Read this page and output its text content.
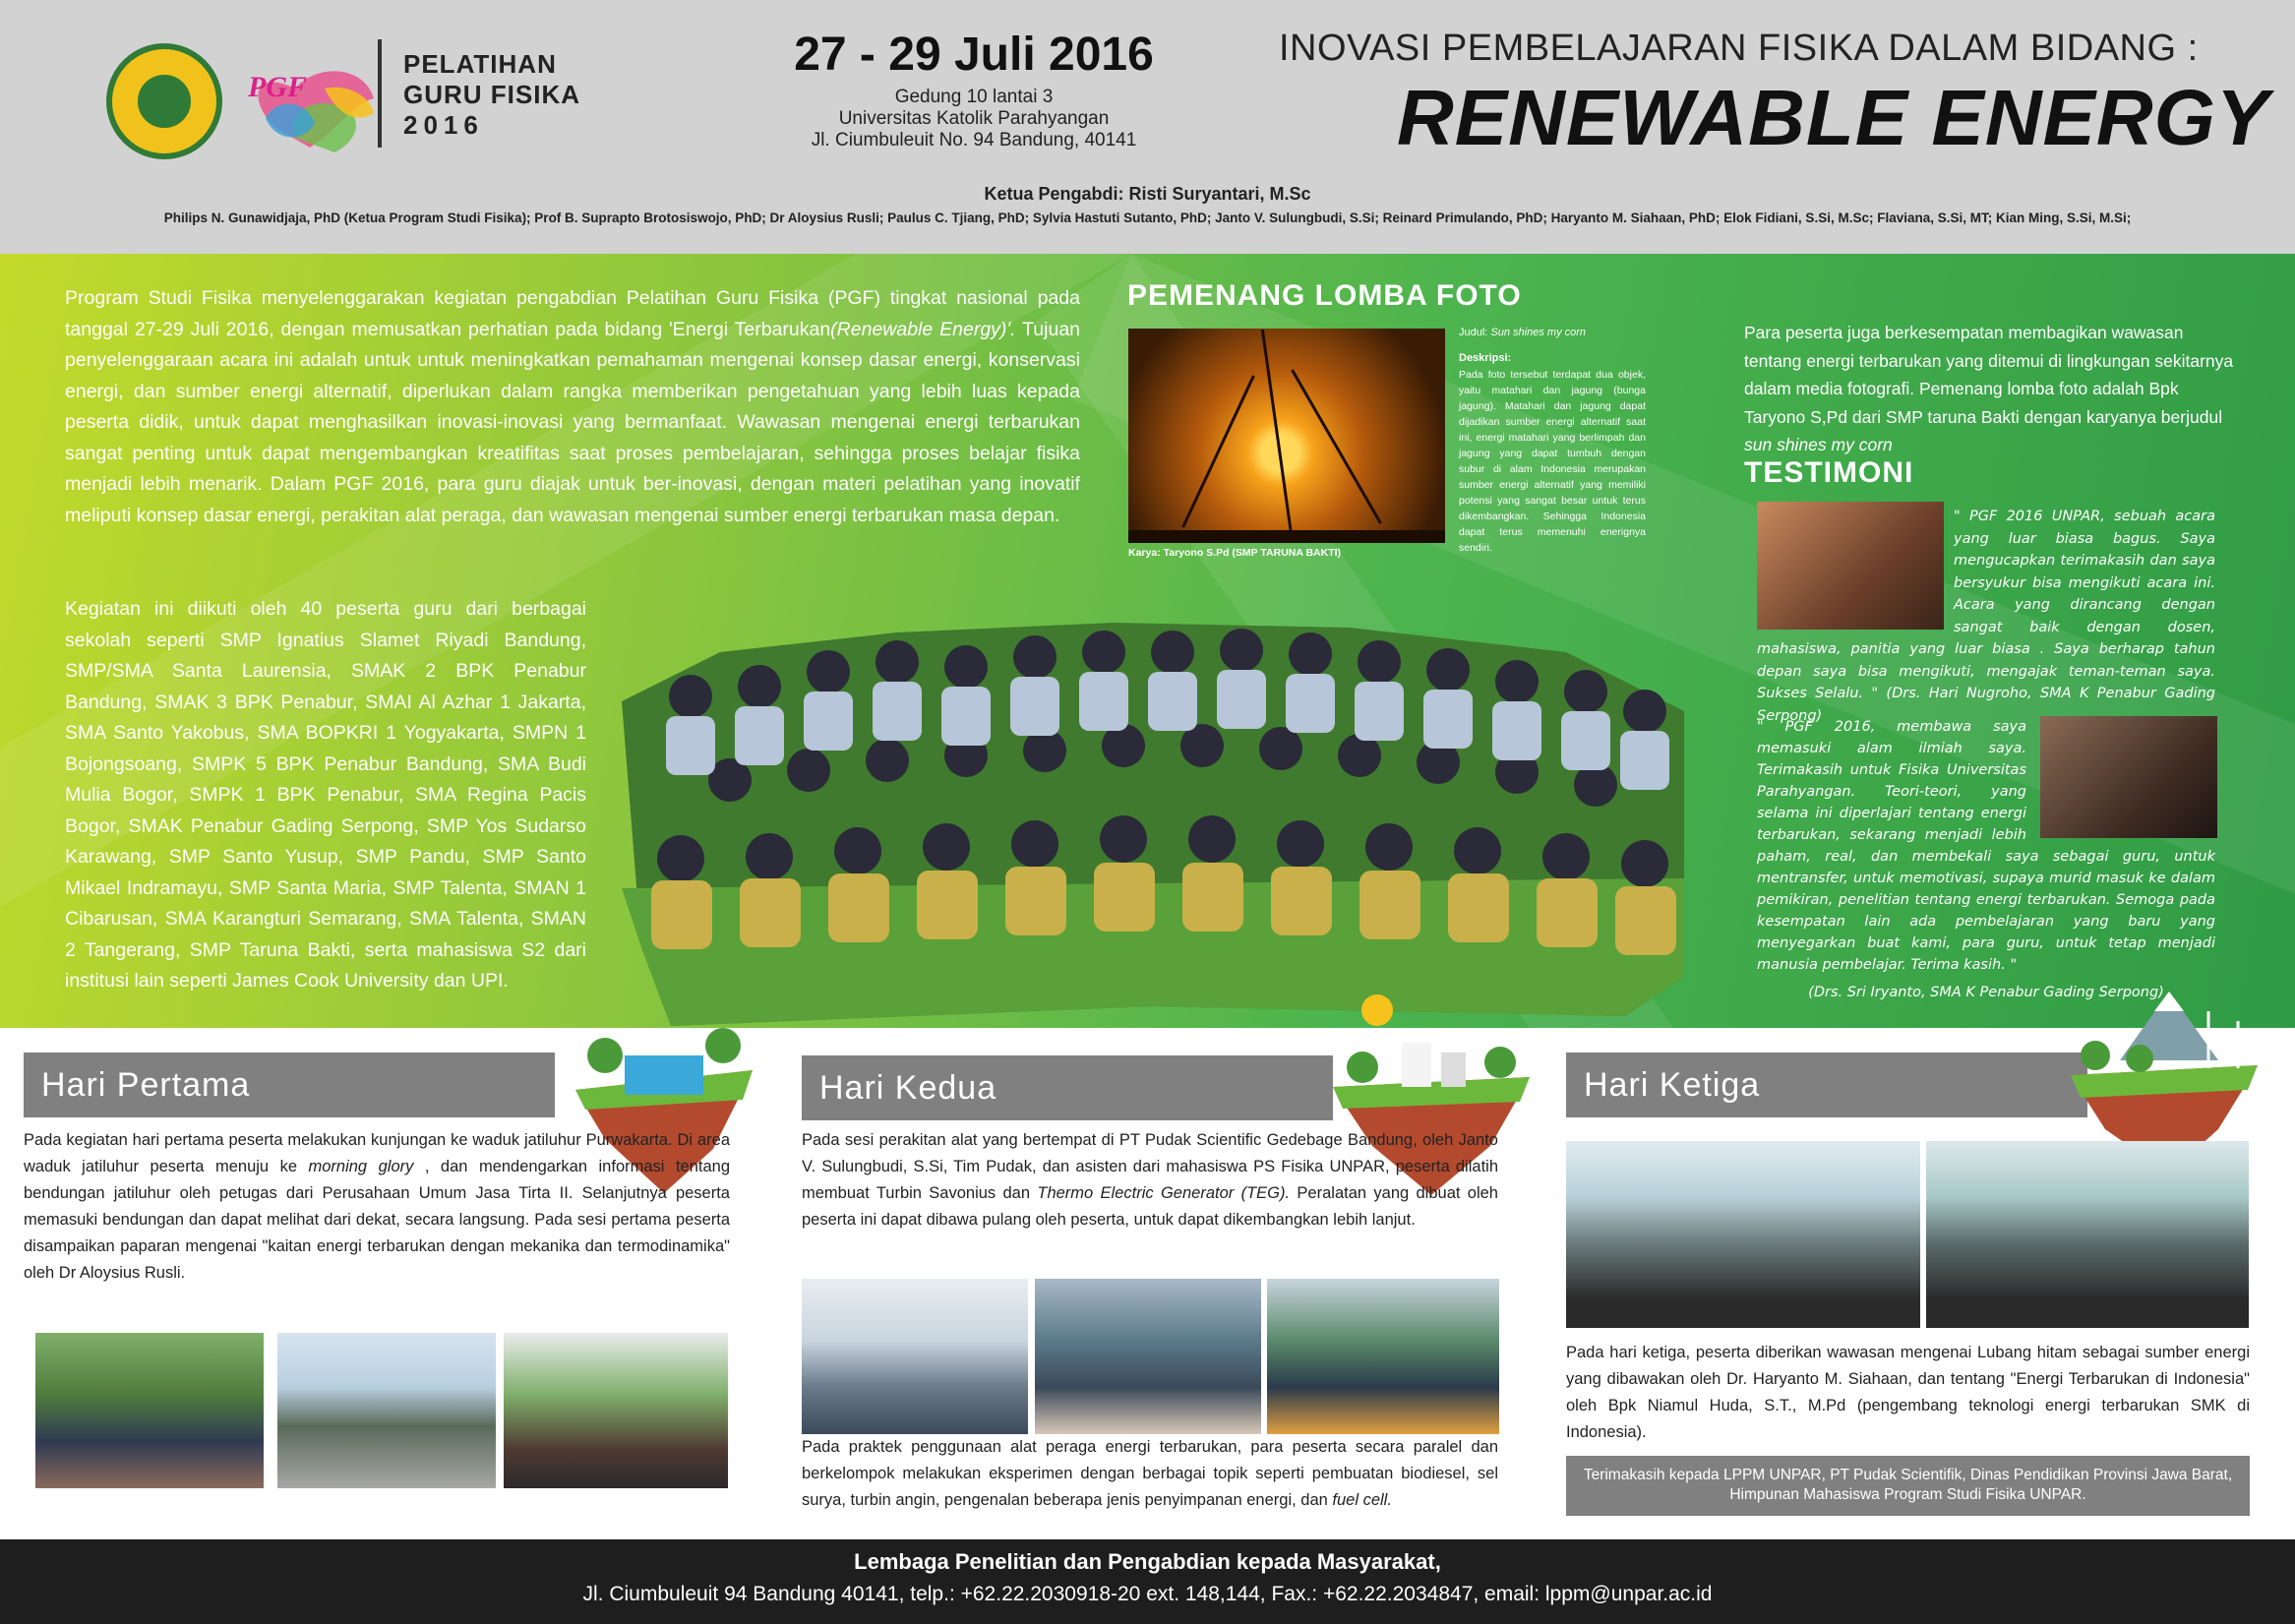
PGF
PELATIHAN
GURU FISIKA
2016
27 - 29 Juli 2016
Gedung 10 lantai 3
Universitas Katolik Parahyangan
Jl. Ciumbuleuit No. 94 Bandung, 40141
INOVASI PEMBELAJARAN FISIKA DALAM BIDANG :
RENEWABLE ENERGY
Ketua Pengabdi: Risti Suryantari, M.Sc
Philips N. Gunawidjaja, PhD (Ketua Program Studi Fisika); Prof B. Suprapto Brotosiswojo, PhD; Dr Aloysius Rusli; Paulus C. Tjiang, PhD; Sylvia Hastuti Sutanto, PhD; Janto V. Sulungbudi, S.Si; Reinard Primulando, PhD; Haryanto M. Siahaan, PhD; Elok Fidiani, S.Si, M.Sc; Flaviana, S.Si, MT; Kian Ming, S.Si, M.Si;

Program Studi Fisika menyelenggarakan kegiatan pengabdian Pelatihan Guru Fisika (PGF) tingkat nasional pada tanggal 27-29 Juli 2016, dengan memusatkan perhatian pada bidang 'Energi Terbarukan(Renewable Energy)'. Tujuan penyelenggaraan acara ini adalah untuk untuk meningkatkan pemahaman mengenai konsep dasar energi, konservasi energi, dan sumber energi alternatif, diperlukan dalam rangka memberikan pengetahuan yang lebih luas kepada peserta didik, untuk dapat menghasilkan inovasi-inovasi yang bermanfaat. Wawasan mengenai energi terbarukan sangat penting untuk dapat mengembangkan kreatifitas saat proses pembelajaran, sehingga proses belajar fisika menjadi lebih menarik. Dalam PGF 2016, para guru diajak untuk ber-inovasi, dengan materi pelatihan yang inovatif meliputi konsep dasar energi, perakitan alat peraga, dan wawasan mengenai sumber energi terbarukan masa depan.

Kegiatan ini diikuti oleh 40 peserta guru dari berbagai sekolah seperti SMP Ignatius Slamet Riyadi Bandung, SMP/SMA Santa Laurensia, SMAK 2 BPK Penabur Bandung, SMAK 3 BPK Penabur, SMAI Al Azhar 1 Jakarta, SMA Santo Yakobus, SMA BOPKRI 1 Yogyakarta, SMPN 1 Bojongsoang, SMPK 5 BPK Penabur Bandung, SMA Budi Mulia Bogor, SMPK 1 BPK Penabur, SMA Regina Pacis Bogor, SMAK Penabur Gading Serpong, SMP Yos Sudarso Karawang, SMP Santo Yusup, SMP Pandu, SMP Santo Mikael Indramayu, SMP Santa Maria, SMP Talenta, SMAN 1 Cibarusan, SMA Karangturi Semarang, SMA Talenta, SMAN 2 Tangerang, SMP Taruna Bakti, serta mahasiswa S2 dari institusi lain seperti James Cook University dan UPI.

PEMENANG LOMBA FOTO
Karya: Taryono S.Pd (SMP TARUNA BAKTI)
Judul: Sun shines my corn
Deskripsi:
Pada foto tersebut terdapat dua objek, yaitu matahari dan jagung (bunga jagung). Matahari dan jagung dapat dijadikan sumber energi alternatif saat ini, energi matahari yang berlimpah dan jagung yang dapat tumbuh dengan subur di alam Indonesia merupakan sumber energi alternatif yang memiliki potensi yang sangat besar untuk terus dikembangkan. Sehingga Indonesia dapat terus memenuhi enerignya sendiri.

Para peserta juga berkesempatan membagikan wawasan tentang energi terbarukan yang ditemui di lingkungan sekitarnya dalam media fotografi. Pemenang lomba foto adalah Bpk Taryono S,Pd dari SMP taruna Bakti dengan karyanya berjudul sun shines my corn

TESTIMONI
" PGF 2016 UNPAR, sebuah acara yang luar biasa bagus. Saya mengucapkan terimakasih dan saya bersyukur bisa mengikuti acara ini. Acara yang dirancang dengan sangat baik dengan dosen, mahasiswa, panitia yang luar biasa . Saya berharap tahun depan saya bisa mengikuti, mengajak teman-teman saya. Sukses Selalu. " (Drs. Hari Nugroho, SMA K Penabur Gading Serpong)
" PGF 2016, membawa saya memasuki alam ilmiah saya. Terimakasih untuk Fisika Universitas Parahyangan. Teori-teori, yang selama ini diperlajari tentang energi terbarukan, sekarang menjadi lebih paham, real, dan membekali saya sebagai guru, untuk mentransfer, untuk memotivasi, supaya murid masuk ke dalam pemikiran, penelitian tentang energi terbarukan. Semoga pada kesempatan lain ada pembelajaran yang baru yang menyegarkan buat kami, para guru, untuk tetap menjadi manusia pembelajar. Terima kasih. "
(Drs. Sri Iryanto, SMA K Penabur Gading Serpong)
Hari Pertama

Pada kegiatan hari pertama peserta melakukan kunjungan ke waduk jatiluhur Purwakarta. Di area waduk jatiluhur peserta menuju ke morning glory , dan mendengarkan informasi tentang bendungan jatiluhur oleh petugas dari Perusahaan Umum Jasa Tirta II. Selanjutnya peserta memasuki bendungan dan dapat melihat dari dekat, secara langsung. Pada sesi pertama peserta disampaikan paparan mengenai "kaitan energi terbarukan dengan mekanika dan termodinamika" oleh Dr Aloysius Rusli.

Hari Kedua

Pada sesi perakitan alat yang bertempat di PT Pudak Scientific Gedebage Bandung, oleh Janto V. Sulungbudi, S.Si, Tim Pudak, dan asisten dari mahasiswa PS Fisika UNPAR, peserta dilatih membuat Turbin Savonius dan Thermo Electric Generator (TEG). Peralatan yang dibuat oleh peserta ini dapat dibawa pulang oleh peserta, untuk dapat dikembangkan lebih lanjut.

Pada praktek penggunaan alat peraga energi terbarukan, para peserta secara paralel dan berkelompok melakukan eksperimen dengan berbagai topik seperti pembuatan biodiesel, sel surya, turbin angin, pengenalan beberapa jenis penyimpanan energi, dan fuel cell.

Hari Ketiga

Pada hari ketiga, peserta diberikan wawasan mengenai Lubang hitam sebagai sumber energi yang dibawakan oleh Dr. Haryanto M. Siahaan, dan tentang "Energi Terbarukan di Indonesia" oleh Bpk Niamul Huda, S.T., M.Pd (pengembang teknologi energi terbarukan SMK di Indonesia).

Terimakasih kepada LPPM UNPAR, PT Pudak Scientifik, Dinas Pendidikan Provinsi Jawa Barat, Himpunan Mahasiswa Program Studi Fisika UNPAR.
Lembaga Penelitian dan Pengabdian kepada Masyarakat,
Jl. Ciumbuleuit 94 Bandung 40141, telp.: +62.22.2030918-20 ext. 148,144, Fax.: +62.22.2034847, email: lppm@unpar.ac.id
